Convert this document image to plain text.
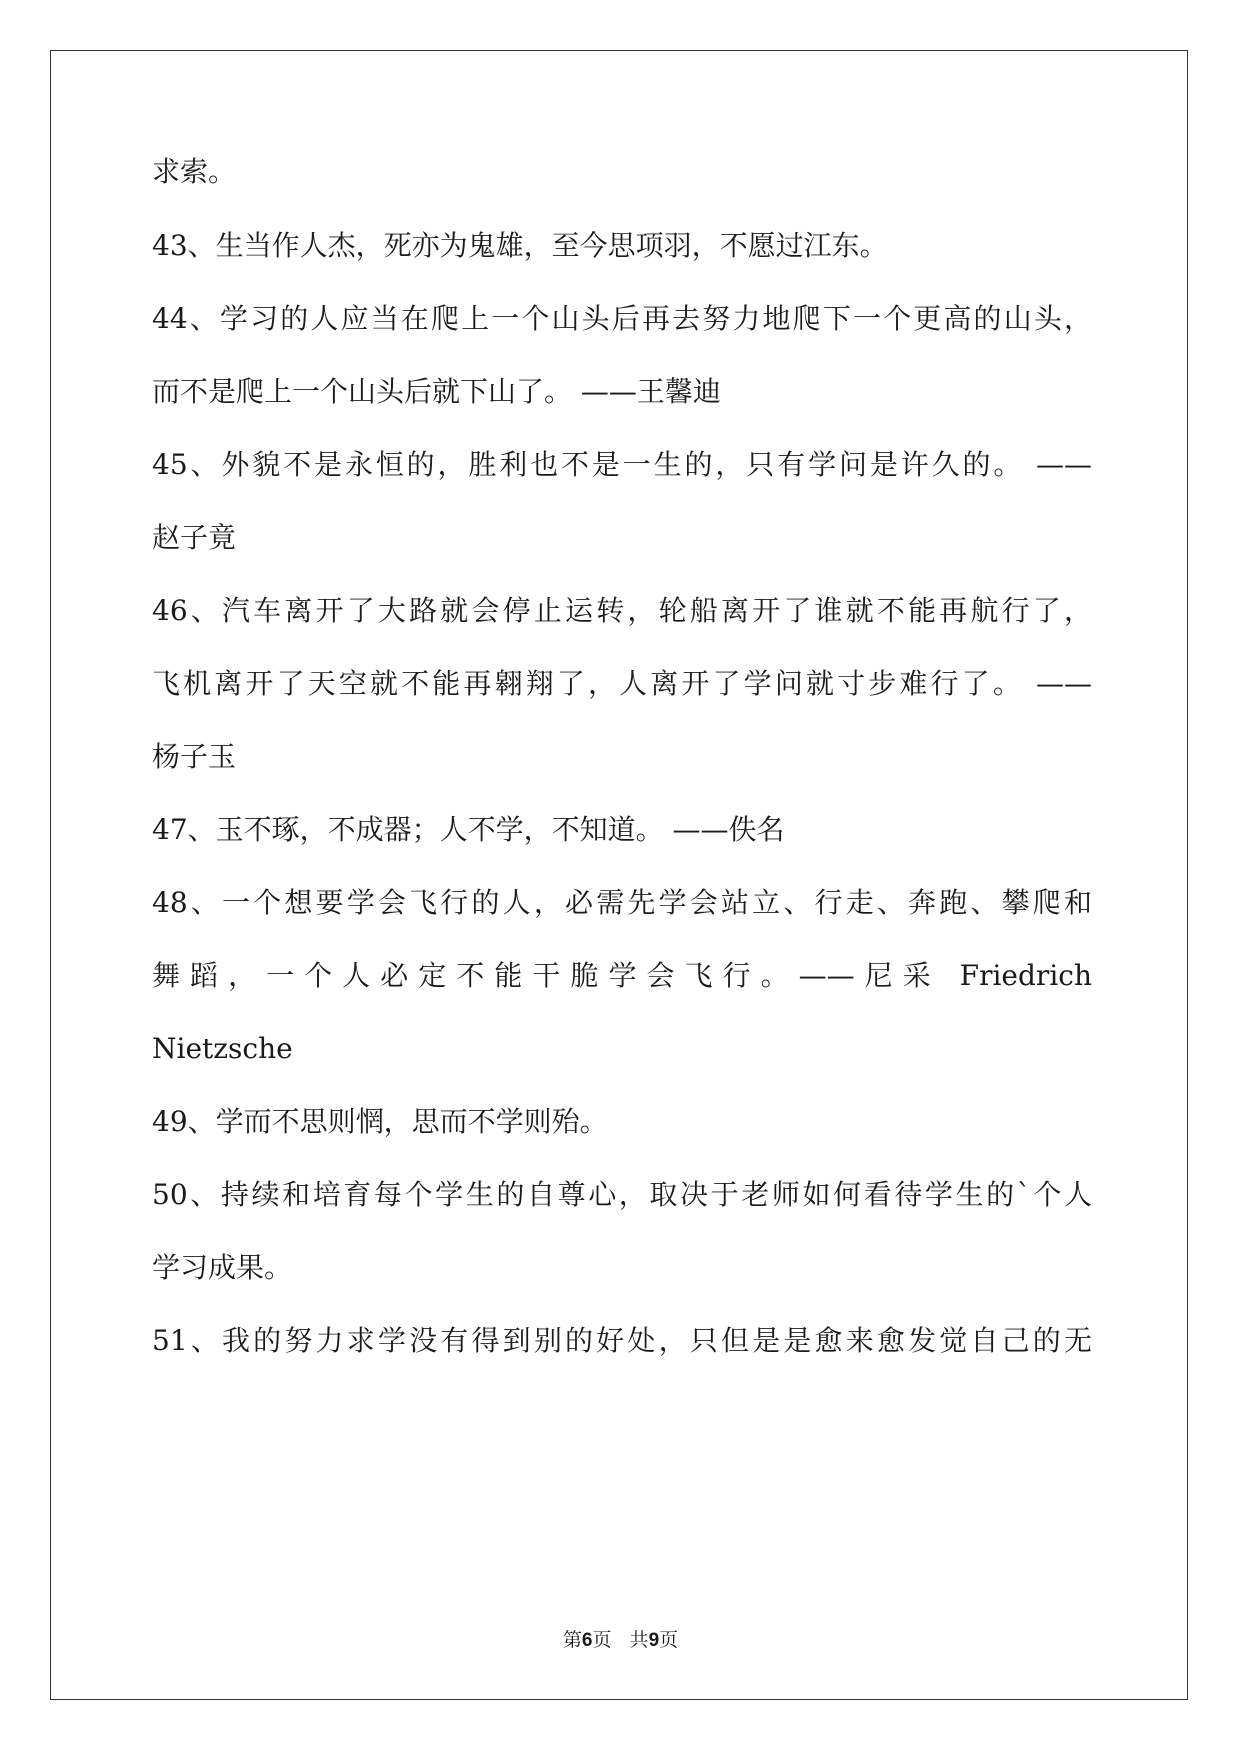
求索。

43、生当作人杰，死亦为鬼雄，至今思项羽，不愿过江东。

44、学习的人应当在爬上一个山头后再去努力地爬下一个更高的山头，

而不是爬上一个山头后就下山了。 ——王馨迪

45、外貌不是永恒的，胜利也不是一生的，只有学问是许久的。 ——

赵子竟

46、汽车离开了大路就会停止运转，轮船离开了谁就不能再航行了，

飞机离开了天空就不能再翱翔了，人离开了学问就寸步难行了。 ——

杨子玉

47、玉不琢，不成器；人不学，不知道。 ——佚名

48、一个想要学会飞行的人，必需先学会站立、行走、奔跑、攀爬和

舞蹈，一个人必定不能干脆学会飞行。——尼采 Friedrich

Nietzsche

49、学而不思则惘，思而不学则殆。

50、持续和培育每个学生的自尊心，取决于老师如何看待学生的`个人

学习成果。

51、我的努力求学没有得到别的好处，只但是是愈来愈发觉自己的无

第6页   共9页
